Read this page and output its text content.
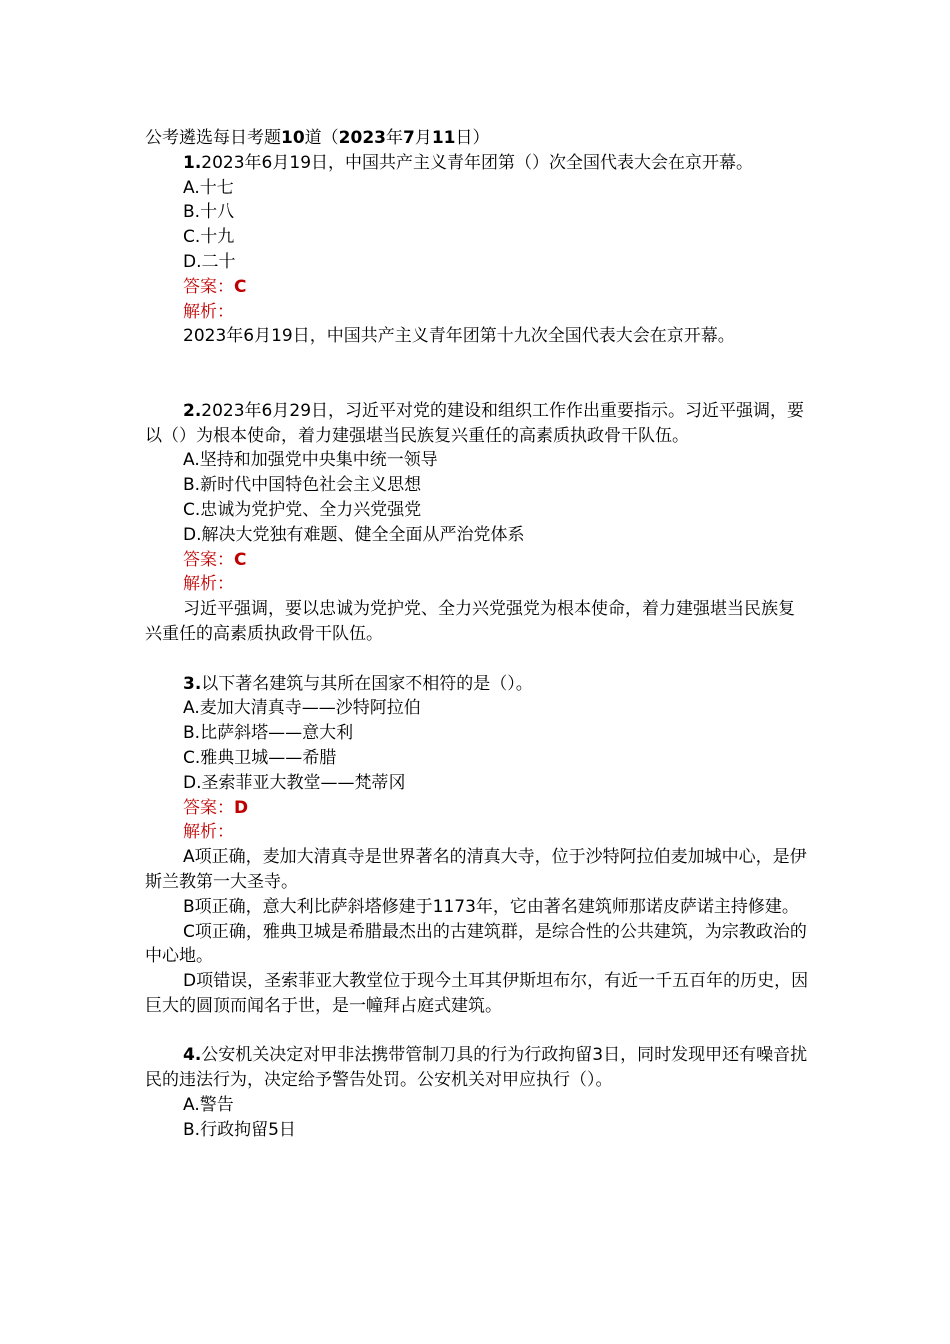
公考遴选每日考题10道（2023年7月11日）

1.2023年6月19日，中国共产主义青年团第（）次全国代表大会在京开幕。

A.十七

B.十八

C.十九

D.二十

答案：C

解析：

2023年6月19日，中国共产主义青年团第十九次全国代表大会在京开幕。

2.2023年6月29日，习近平对党的建设和组织工作作出重要指示。习近平强调，要以（）为根本使命，着力建强堪当民族复兴重任的高素质执政骨干队伍。

A.坚持和加强党中央集中统一领导

B.新时代中国特色社会主义思想

C.忠诚为党护党、全力兴党强党

D.解决大党独有难题、健全全面从严治党体系

答案：C

解析：

习近平强调，要以忠诚为党护党、全力兴党强党为根本使命，着力建强堪当民族复兴重任的高素质执政骨干队伍。

3.以下著名建筑与其所在国家不相符的是（）。

A.麦加大清真寺——沙特阿拉伯

B.比萨斜塔——意大利

C.雅典卫城——希腊

D.圣索菲亚大教堂——梵蒂冈

答案：D

解析：

A项正确，麦加大清真寺是世界著名的清真大寺，位于沙特阿拉伯麦加城中心，是伊斯兰教第一大圣寺。

B项正确，意大利比萨斜塔修建于1173年，它由著名建筑师那诺皮萨诺主持修建。

C项正确，雅典卫城是希腊最杰出的古建筑群，是综合性的公共建筑，为宗教政治的中心地。

D项错误，圣索菲亚大教堂位于现今土耳其伊斯坦布尔，有近一千五百年的历史，因巨大的圆顶而闻名于世，是一幢拜占庭式建筑。

4.公安机关决定对甲非法携带管制刀具的行为行政拘留3日，同时发现甲还有噪音扰民的违法行为，决定给予警告处罚。公安机关对甲应执行（）。

A.警告

B.行政拘留5日
